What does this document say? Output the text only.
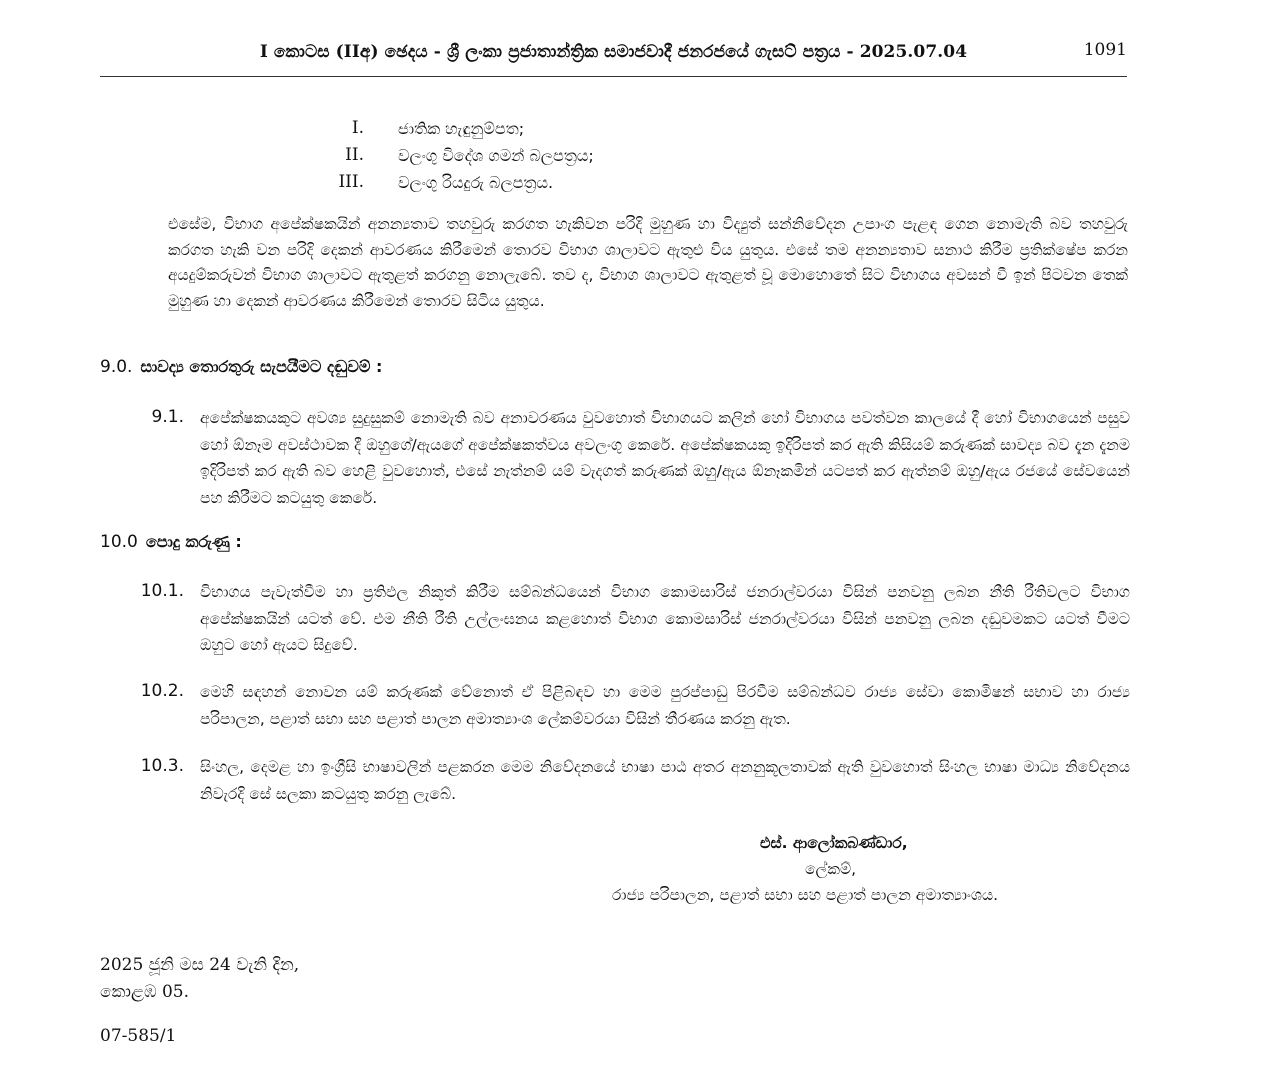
I කොටස (IIඅ) ඡෙදය - ශ්‍රී ලංකා ප්‍රජාතාන්ත්‍රික සමාජවාදී ජනරජයේ ගැසට් පත්‍රය - 2025.07.04	1091
I. ජාතික හැඳුනුම්පත;
II. වලංගු විදේශ ගමන් බලපත්‍රය;
III. වලංගු රියදුරු බලපත්‍රය.
එසේම, විභාග අපේක්ෂකයින් අනන්‍යතාව තහවුරු කරගත හැකිවන පරිදි මුහුණ හා විද්‍යුත් සන්නිවේදන උපාංග පැළඳ ගෙන නොමැති බව තහවුරු කරගත හැකි වන පරිදි දෙකන් ආවරණය කිරීමෙන් තොරව විභාග ශාලාවට ඇතුළු විය යුතුය. එසේ තම අනන්‍යතාව සනාථ කිරීම ප්‍රතික්ෂේප කරන අයදුම්කරුවන් විභාග ශාලාවට ඇතුළත් කරගනු නොලැබේ. තව ද, විභාග ශාලාවට ඇතුළත් වූ මොහොතේ සිට විභාගය අවසන් වී ඉන් පිටවන තෙක් මුහුණ හා දෙකන් ආවරණය කිරීමෙන් තොරව සිටිය යුතුය.
9.0. සාවද්‍ය තොරතුරු සැපයීමට දඬුවම් :
9.1. අපේක්ෂකයකුට අවශ්‍ය සුදුසුකම් නොමැති බව අනාවරණය වුවහොත් විභාගයට කලින් හෝ විභාගය පවත්වන කාලයේ දී හෝ විභාගයෙන් පසුව හෝ ඕනෑම අවස්ථාවක දී ඔහුගේ/ඇයගේ අපේක්ෂකත්වය අවලංගු කෙරේ. අපේක්ෂකයකු ඉදිරිපත් කර ඇති කිසියම් කරුණක් සාවද්‍ය බව දැන දැනම ඉදිරිපත් කර ඇති බව හෙළි වුවහොත්, එසේ නැත්නම් යම් වැදගත් කරුණක් ඔහු/ඇය ඕනෑකමින් යටපත් කර ඇත්නම් ඔහු/ඇය රජයේ සේවයෙන් පහ කිරීමට කටයුතු කෙරේ.
10.0 පොදු කරුණු :
10.1. විභාගය පැවැත්වීම හා ප්‍රතිඵල නිකුත් කිරීම සම්බන්ධයෙන් විභාග කොමසාරිස් ජනරාල්වරයා විසින් පනවනු ලබන නීති රීතිවලට විභාග අපේක්ෂකයින් යටත් වේ. එම නීති රීති උල්ලංඝනය කළහොත් විභාග කොමසාරිස් ජනරාල්වරයා විසින් පනවනු ලබන දඬුවමකට යටත් වීමට ඔහුට හෝ ඇයට සිදුවේ.
10.2. මෙහි සඳහන් නොවන යම් කරුණක් වේනොත් ඒ පිළිබඳව හා මෙම පුරප්පාඩු පිරවීම සම්බන්ධව රාජ්‍ය සේවා කොමිෂන් සභාව හා රාජ්‍ය පරිපාලන, පළාත් සභා සහ පළාත් පාලන අමාත්‍යාංශ ලේකම්වරයා විසින් තීරණය කරනු ඇත.
10.3. සිංහල, දෙමළ හා ඉංග්‍රීසි භාෂාවලින් පළකරන මෙම නිවේදනයේ භාෂා පාඨ අතර අනනුකූලතාවක් ඇති වුවහොත් සිංහල භාෂා මාධ්‍ය නිවේදනය නිවැරදි සේ සලකා කටයුතු කරනු ලැබේ.
එස්. ආලෝකබණ්ඩාර,
ලේකම්,
රාජ්‍ය පරිපාලන, පළාත් සභා සහ පළාත් පාලන අමාත්‍යාංශය.
2025 ජූනි මස 24 වැනි දින,
කොළඹ 05.
07-585/1
